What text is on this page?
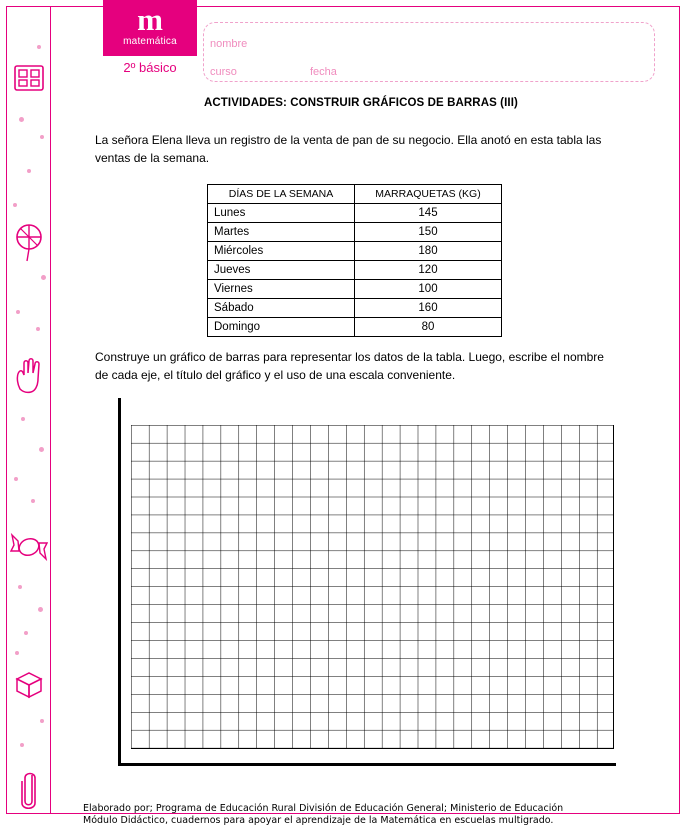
m
matemática
2º básico
nombre
curso	fecha
ACTIVIDADES: CONSTRUIR GRÁFICOS DE BARRAS (III)
La señora Elena lleva un registro de la venta de pan de su negocio. Ella anotó en esta tabla las ventas de la semana.
DÍAS DE LA SEMANA	MARRAQUETAS (KG)
Lunes	145
Martes	150
Miércoles	180
Jueves	120
Viernes	100
Sábado	160
Domingo	80
Construye un gráfico de barras para representar los datos de la tabla. Luego, escribe el nombre de cada eje, el título del gráfico y el uso de una escala conveniente.
Elaborado por; Programa de Educación Rural División de Educación General; Ministerio de Educación
Módulo Didáctico, cuadernos para apoyar el aprendizaje de la Matemática en escuelas multigrado.
